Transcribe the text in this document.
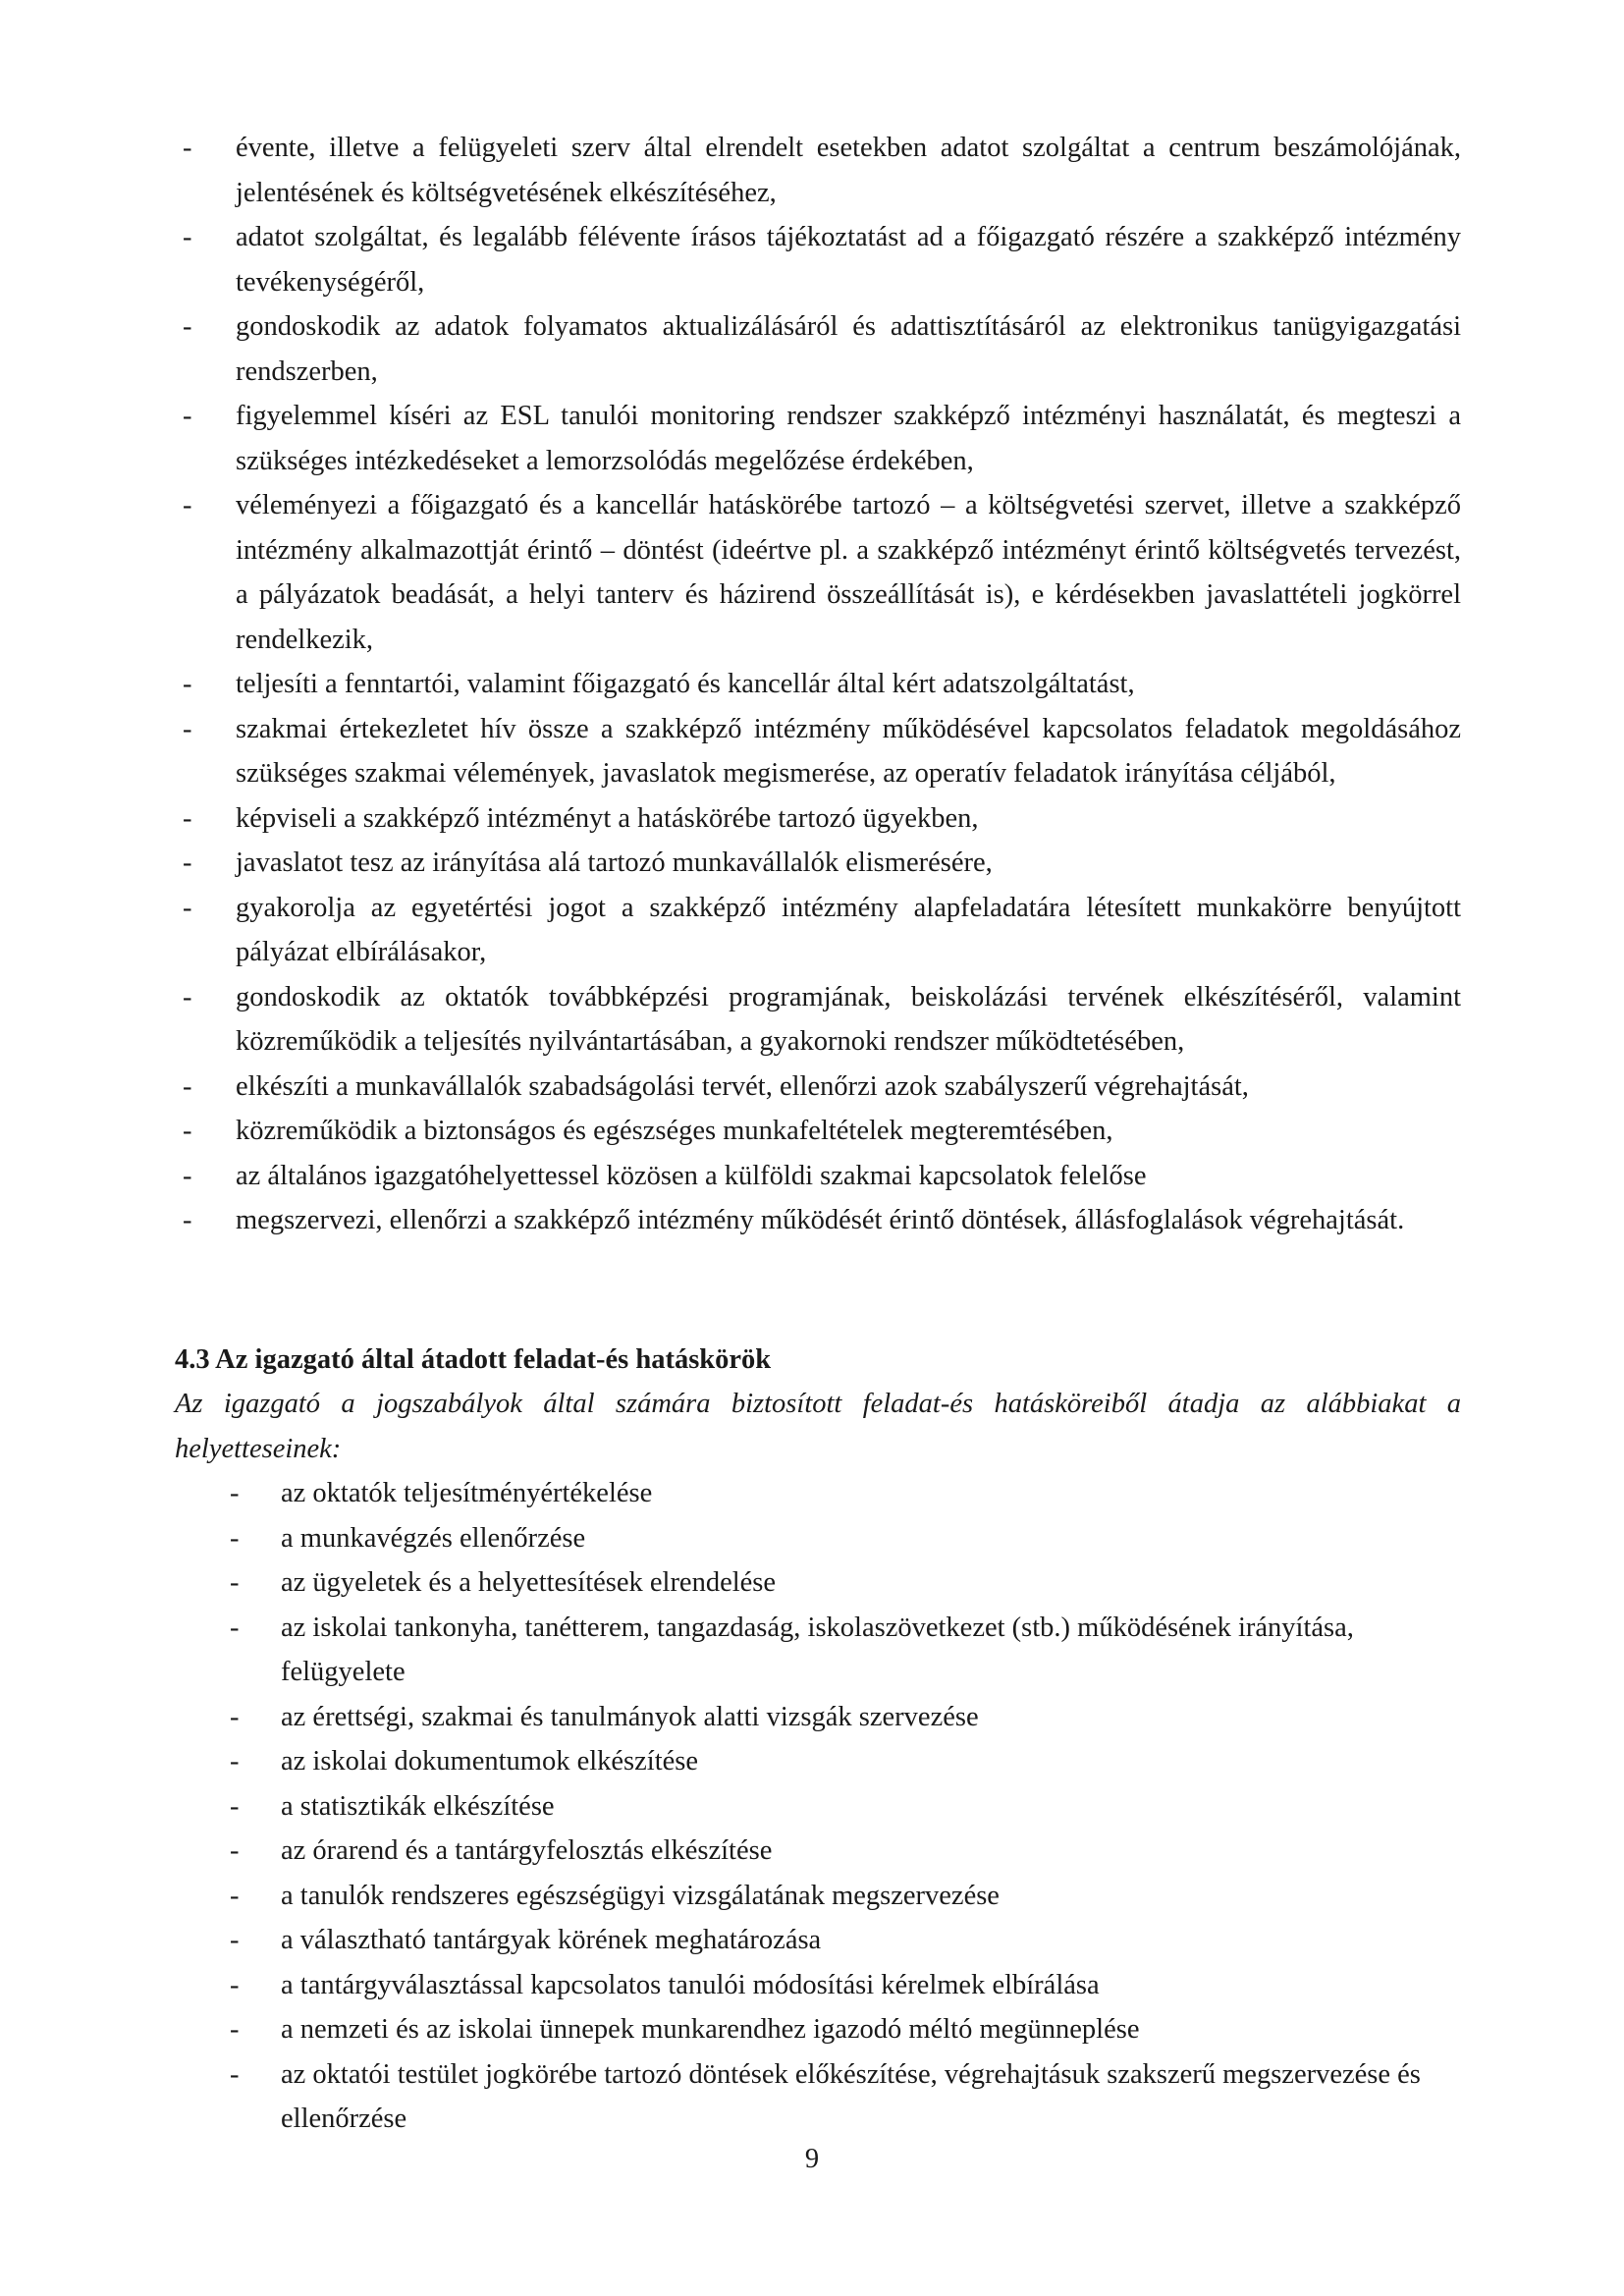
- évente, illetve a felügyeleti szerv által elrendelt esetekben adatot szolgáltat a centrum beszámolójának, jelentésének és költségvetésének elkészítéséhez,
- adatot szolgáltat, és legalább félévente írásos tájékoztatást ad a főigazgató részére a szakképző intézmény tevékenységéről,
- gondoskodik az adatok folyamatos aktualizálásáról és adattisztításáról az elektronikus tanügyigazgatási rendszerben,
- figyelemmel kíséri az ESL tanulói monitoring rendszer szakképző intézményi használatát, és megteszi a szükséges intézkedéseket a lemorzsolódás megelőzése érdekében,
- véleményezi a főigazgató és a kancellár hatáskörébe tartozó – a költségvetési szervet, illetve a szakképző intézmény alkalmazottját érintő – döntést (ideértve pl. a szakképző intézményt érintő költségvetés tervezést, a pályázatok beadását, a helyi tanterv és házirend összeállítását is), e kérdésekben javaslattételi jogkörrel rendelkezik,
- teljesíti a fenntartói, valamint főigazgató és kancellár által kért adatszolgáltatást,
- szakmai értekezletet hív össze a szakképző intézmény működésével kapcsolatos feladatok megoldásához szükséges szakmai vélemények, javaslatok megismerése, az operatív feladatok irányítása céljából,
- képviseli a szakképző intézményt a hatáskörébe tartozó ügyekben,
- javaslatot tesz az irányítása alá tartozó munkavállalók elismerésére,
- gyakorolja az egyetértési jogot a szakképző intézmény alapfeladatára létesített munkakörre benyújtott pályázat elbírálásakor,
- gondoskodik az oktatók továbbképzési programjának, beiskolázási tervének elkészítéséről, valamint közreműködik a teljesítés nyilvántartásában, a gyakornoki rendszer működtetésében,
- elkészíti a munkavállalók szabadságolási tervét, ellenőrzi azok szabályszerű végrehajtását,
- közreműködik a biztonságos és egészséges munkafeltételek megteremtésében,
- az általános igazgatóhelyettessel közösen a külföldi szakmai kapcsolatok felelőse
- megszervezi, ellenőrzi a szakképző intézmény működését érintő döntések, állásfoglalások végrehajtását.
4.3 Az igazgató által átadott feladat-és hatáskörök

Az igazgató a jogszabályok által számára biztosított feladat-és hatásköreiből átadja az alábbiakat a helyetteseinek:

- az oktatók teljesítményértékelése
- a munkavégzés ellenőrzése
- az ügyeletek és a helyettesítések elrendelése
- az iskolai tankonyha, tanétterem, tangazdaság, iskolaszövetkezet (stb.) működésének irányítása, felügyelete
- az érettségi, szakmai és tanulmányok alatti vizsgák szervezése
- az iskolai dokumentumok elkészítése
- a statisztikák elkészítése
- az órarend és a tantárgyfelosztás elkészítése
- a tanulók rendszeres egészségügyi vizsgálatának megszervezése
- a választható tantárgyak körének meghatározása
- a tantárgyválasztással kapcsolatos tanulói módosítási kérelmek elbírálása
- a nemzeti és az iskolai ünnepek munkarendhez igazodó méltó megünneplése
- az oktatói testület jogkörébe tartozó döntések előkészítése, végrehajtásuk szakszerű megszervezése és ellenőrzése
9
